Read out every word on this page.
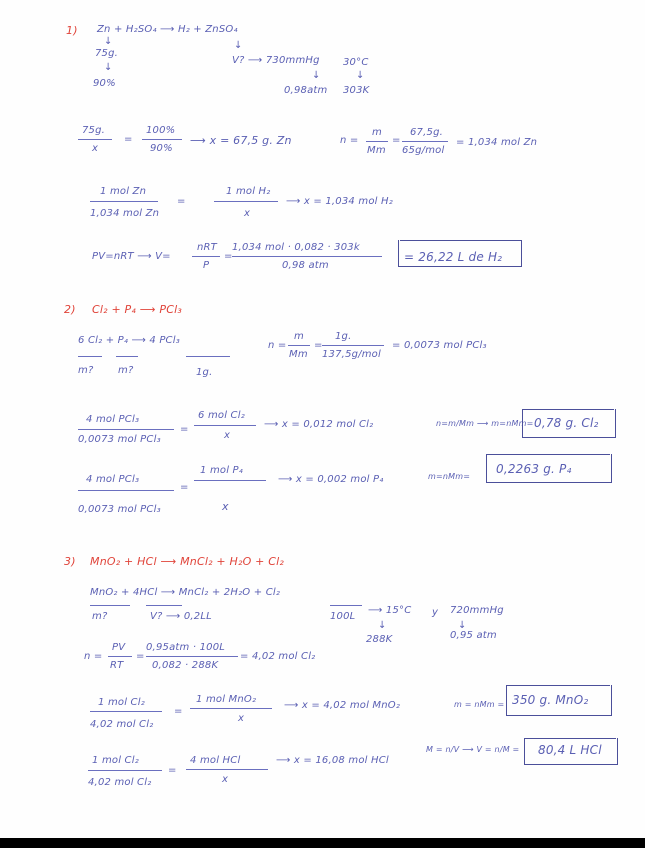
1) Zn + H₂SO₄ ⟶ H₂ + ZnSO₄
↓
75g.
↓
90%
↓
V? ⟶ 730mmHg 30°C
↓	↓
0,98atm 303K
75g.
x
=
100%
90%
⟶ x = 67,5 g. Zn	n =
m
Mm
=
67,5g.
65g/mol
= 1,034 mol Zn
1 mol Zn
1,034 mol Zn
=
1 mol H₂
x
⟶ x = 1,034 mol H₂
PV=nRT ⟶ V=
nRT
P
=
1,034 mol · 0,082 · 303k
0,98 atm
= 26,22 L de H₂
2) Cl₂ + P₄ ⟶ PCl₃
6 Cl₂ + P₄ ⟶ 4 PCl₃
m? m?	1g.
n =
m
Mm
=
1g.
137,5g/mol
= 0,0073 mol PCl₃
4 mol PCl₃
0,0073 mol PCl₃
=
6 mol Cl₂
x
⟶ x = 0,012 mol Cl₂	n=m/Mm ⟶ m=nMm= 0,78 g. Cl₂
4 mol PCl₃
0,0073 mol PCl₃
=
1 mol P₄
x
⟶ x = 0,002 mol P₄	m=nMm=
0,2263 g. P₄
3) MnO₂ + HCl ⟶ MnCl₂ + H₂O + Cl₂
MnO₂ + 4HCl ⟶ MnCl₂ + 2H₂O + Cl₂
m?	V? ⟶ 0,2LL	100L
⟶ 15°C y 720mmHg
↓	↓
288K	0,95 atm
n =
PV
RT
=
0,95atm · 100L
0,082 · 288K
= 4,02 mol Cl₂
1 mol Cl₂
4,02 mol Cl₂
=
1 mol MnO₂
x
⟶ x = 4,02 mol MnO₂	m = nMm = 350 g. MnO₂
1 mol Cl₂
4,02 mol Cl₂
=
4 mol HCl
x
⟶ x = 16,08 mol HCl
M = n/V ⟶ V = n/M = 80,4 L HCl
